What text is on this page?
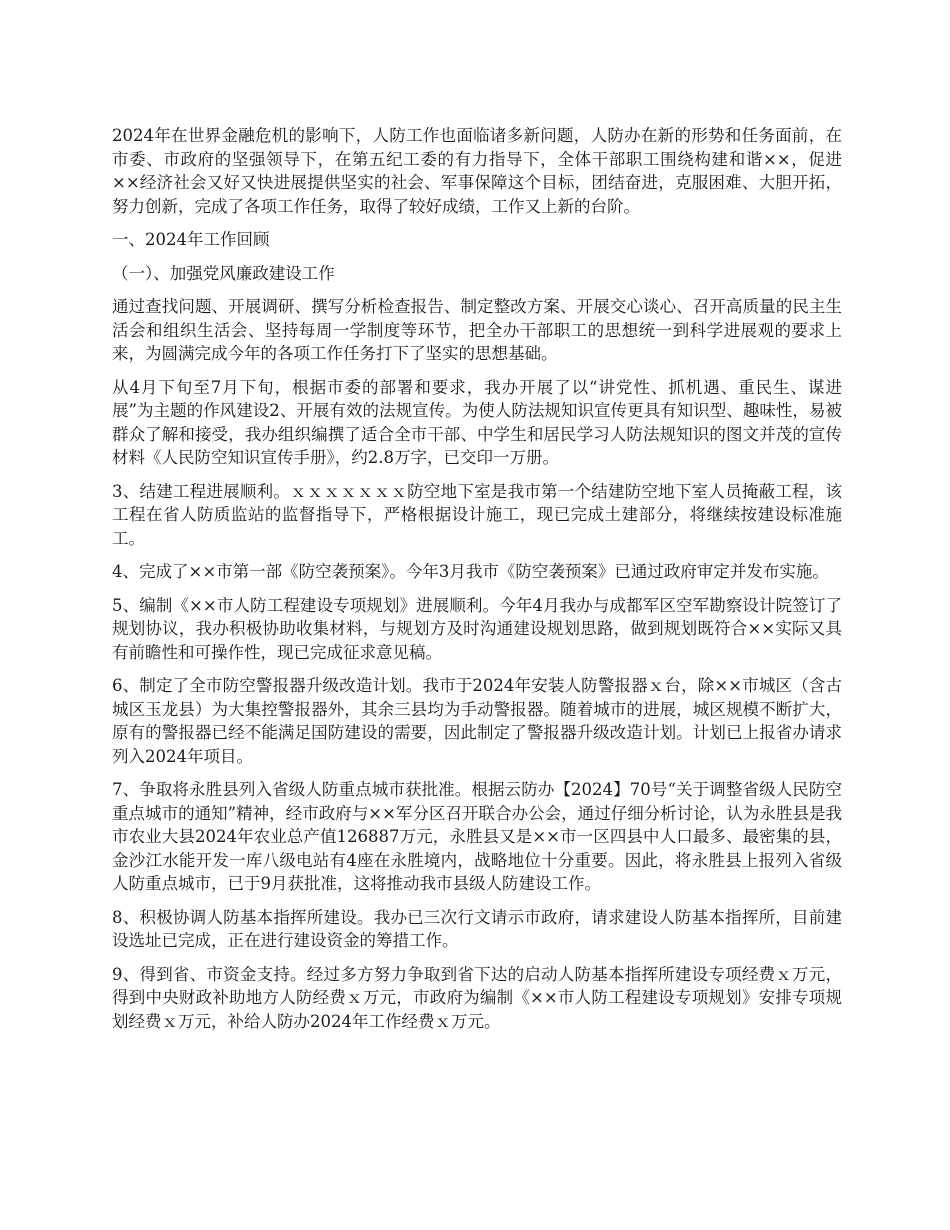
2024年在世界金融危机的影响下，人防工作也面临诸多新问题，人防办在新的形势和任务面前，在市委、市政府的坚强领导下，在第五纪工委的有力指导下，全体干部职工围绕构建和谐××，促进××经济社会又好又快进展提供坚实的社会、军事保障这个目标，团结奋进，克服困难、大胆开拓，努力创新，完成了各项工作任务，取得了较好成绩，工作又上新的台阶。

一、2024年工作回顾

（一）、加强党风廉政建设工作

通过查找问题、开展调研、撰写分析检查报告、制定整改方案、开展交心谈心、召开高质量的民主生活会和组织生活会、坚持每周一学制度等环节，把全办干部职工的思想统一到科学进展观的要求上来，为圆满完成今年的各项工作任务打下了坚实的思想基础。

从4月下旬至7月下旬，根据市委的部署和要求，我办开展了以“讲党性、抓机遇、重民生、谋进展”为主题的作风建设2、开展有效的法规宣传。为使人防法规知识宣传更具有知识型、趣味性，易被群众了解和接受，我办组织编撰了适合全市干部、中学生和居民学习人防法规知识的图文并茂的宣传材料《人民防空知识宣传手册》，约2.8万字，已交印一万册。

3、结建工程进展顺利。ｘｘｘｘｘｘｘ防空地下室是我市第一个结建防空地下室人员掩蔽工程，该工程在省人防质监站的监督指导下，严格根据设计施工，现已完成土建部分，将继续按建设标准施工。

4、完成了××市第一部《防空袭预案》。今年3月我市《防空袭预案》已通过政府审定并发布实施。

5、编制《××市人防工程建设专项规划》进展顺利。今年4月我办与成都军区空军勘察设计院签订了规划协议，我办积极协助收集材料，与规划方及时沟通建设规划思路，做到规划既符合××实际又具有前瞻性和可操作性，现已完成征求意见稿。

6、制定了全市防空警报器升级改造计划。我市于2024年安装人防警报器ｘ台，除××市城区（含古城区玉龙县）为大集控警报器外，其余三县均为手动警报器。随着城市的进展，城区规模不断扩大，原有的警报器已经不能满足国防建设的需要，因此制定了警报器升级改造计划。计划已上报省办请求列入2024年项目。

7、争取将永胜县列入省级人防重点城市获批准。根据云防办【2024】70号“关于调整省级人民防空重点城市的通知”精神，经市政府与××军分区召开联合办公会，通过仔细分析讨论，认为永胜县是我市农业大县2024年农业总产值126887万元，永胜县又是××市一区四县中人口最多、最密集的县，金沙江水能开发一库八级电站有4座在永胜境内，战略地位十分重要。因此，将永胜县上报列入省级人防重点城市，已于9月获批准，这将推动我市县级人防建设工作。

8、积极协调人防基本指挥所建设。我办已三次行文请示市政府，请求建设人防基本指挥所，目前建设选址已完成，正在进行建设资金的筹措工作。

9、得到省、市资金支持。经过多方努力争取到省下达的启动人防基本指挥所建设专项经费ｘ万元，得到中央财政补助地方人防经费ｘ万元，市政府为编制《××市人防工程建设专项规划》安排专项规划经费ｘ万元，补给人防办2024年工作经费ｘ万元。
